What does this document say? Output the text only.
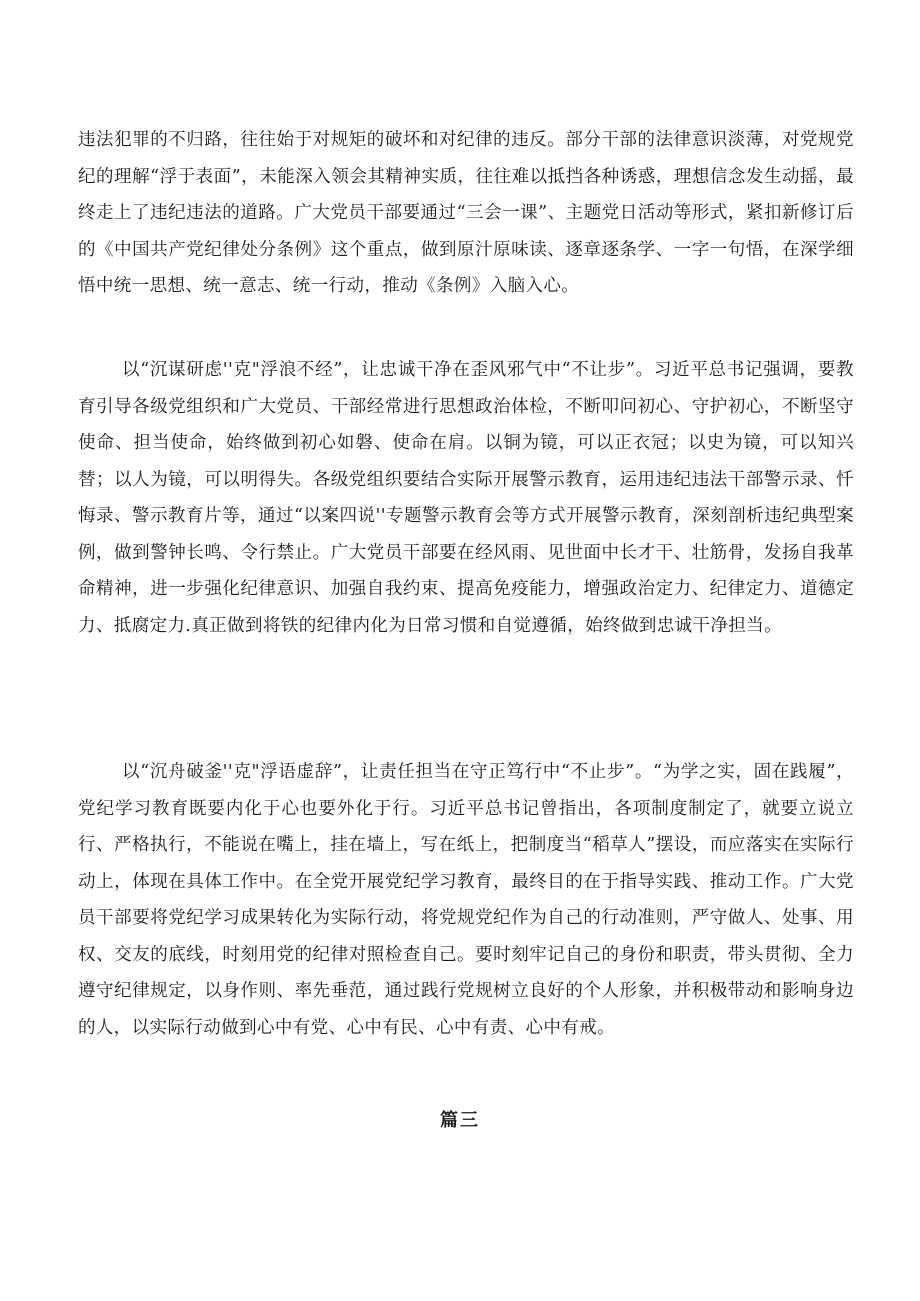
违法犯罪的不归路，往往始于对规矩的破坏和对纪律的违反。部分干部的法律意识淡薄，对党规党纪的理解“浮于表面”，未能深入领会其精神实质，往往难以抵挡各种诱惑，理想信念发生动摇，最终走上了违纪违法的道路。广大党员干部要通过“三会一课”、主题党日活动等形式，紧扣新修订后的《中国共产党纪律处分条例》这个重点，做到原汁原味读、逐章逐条学、一字一句悟，在深学细悟中统一思想、统一意志、统一行动，推动《条例》入脑入心。

以“沉谋研虑''克"浮浪不经”，让忠诚干净在歪风邪气中“不让步”。习近平总书记强调，要教育引导各级党组织和广大党员、干部经常进行思想政治体检，不断叩问初心、守护初心，不断坚守使命、担当使命，始终做到初心如磐、使命在肩。以铜为镜，可以正衣冠；以史为镜，可以知兴替；以人为镜，可以明得失。各级党组织要结合实际开展警示教育，运用违纪违法干部警示录、忏悔录、警示教育片等，通过“以案四说''专题警示教育会等方式开展警示教育，深刻剖析违纪典型案例，做到警钟长鸣、令行禁止。广大党员干部要在经风雨、见世面中长才干、壮筋骨，发扬自我革命精神，进一步强化纪律意识、加强自我约束、提高免疫能力，增强政治定力、纪律定力、道德定力、抵腐定力.真正做到将铁的纪律内化为日常习惯和自觉遵循，始终做到忠诚干净担当。

以“沉舟破釜''克"浮语虚辞”，让责任担当在守正笃行中“不止步”。“为学之实，固在践履”，党纪学习教育既要内化于心也要外化于行。习近平总书记曾指出，各项制度制定了，就要立说立行、严格执行，不能说在嘴上，挂在墙上，写在纸上，把制度当“稻草人”摆设，而应落实在实际行动上，体现在具体工作中。在全党开展党纪学习教育，最终目的在于指导实践、推动工作。广大党员干部要将党纪学习成果转化为实际行动，将党规党纪作为自己的行动准则，严守做人、处事、用权、交友的底线，时刻用党的纪律对照检查自己。要时刻牢记自己的身份和职责，带头贯彻、全力遵守纪律规定，以身作则、率先垂范，通过践行党规树立良好的个人形象，并积极带动和影响身边的人，以实际行动做到心中有党、心中有民、心中有责、心中有戒。

篇三
